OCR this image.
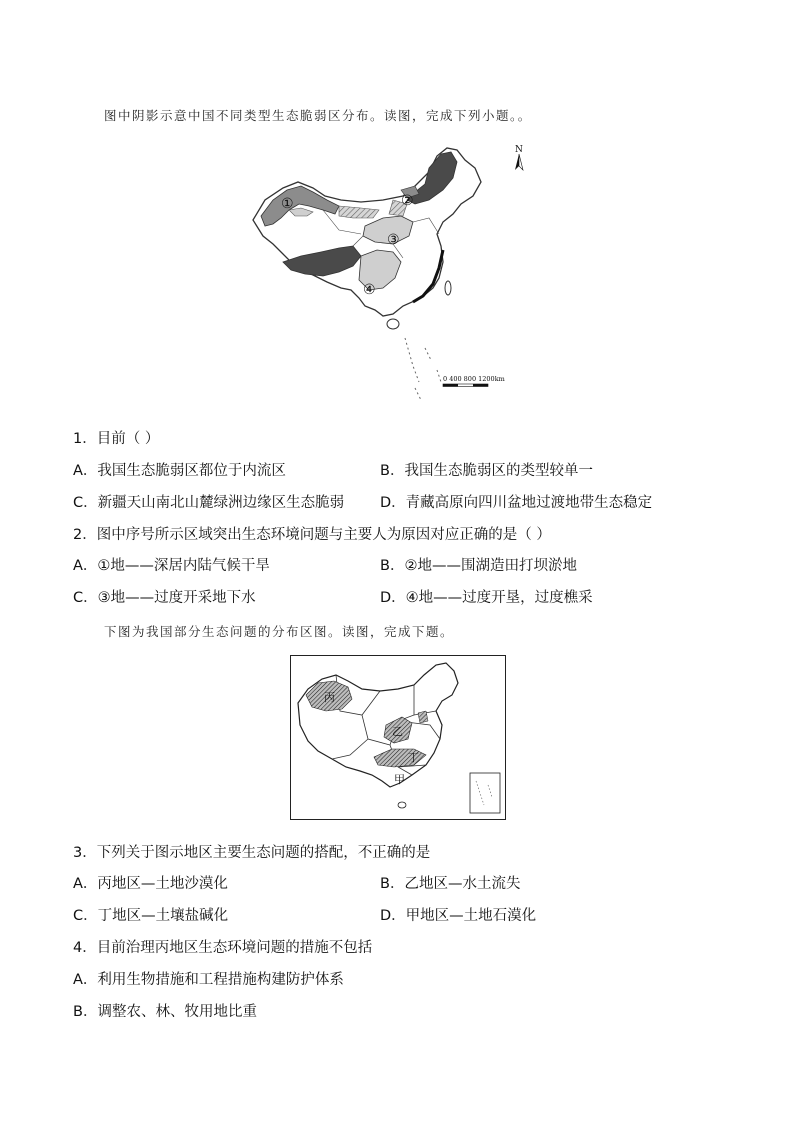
图中阴影示意中国不同类型生态脆弱区分布。读图，完成下列小题。。
①	②
③
④
N
0 400 800 1200km
1．目前（ ）
A．我国生态脆弱区都位于内流区	B．我国生态脆弱区的类型较单一
C．新疆天山南北山麓绿洲边缘区生态脆弱 D．青藏高原向四川盆地过渡地带生态稳定
2．图中序号所示区域突出生态环境问题与主要人为原因对应正确的是（ ）
A．①地——深居内陆气候干旱	B．②地——围湖造田打坝淤地
C．③地——过度开采地下水	D．④地——过度开垦，过度樵采
下图为我国部分生态问题的分布区图。读图，完成下题。
丙
乙
丁
甲
3．下列关于图示地区主要生态问题的搭配，不正确的是
A．丙地区—土地沙漠化	B．乙地区—水土流失
C．丁地区—土壤盐碱化	D．甲地区—土地石漠化
4．目前治理丙地区生态环境问题的措施不包括
A．利用生物措施和工程措施构建防护体系
B．调整农、林、牧用地比重
